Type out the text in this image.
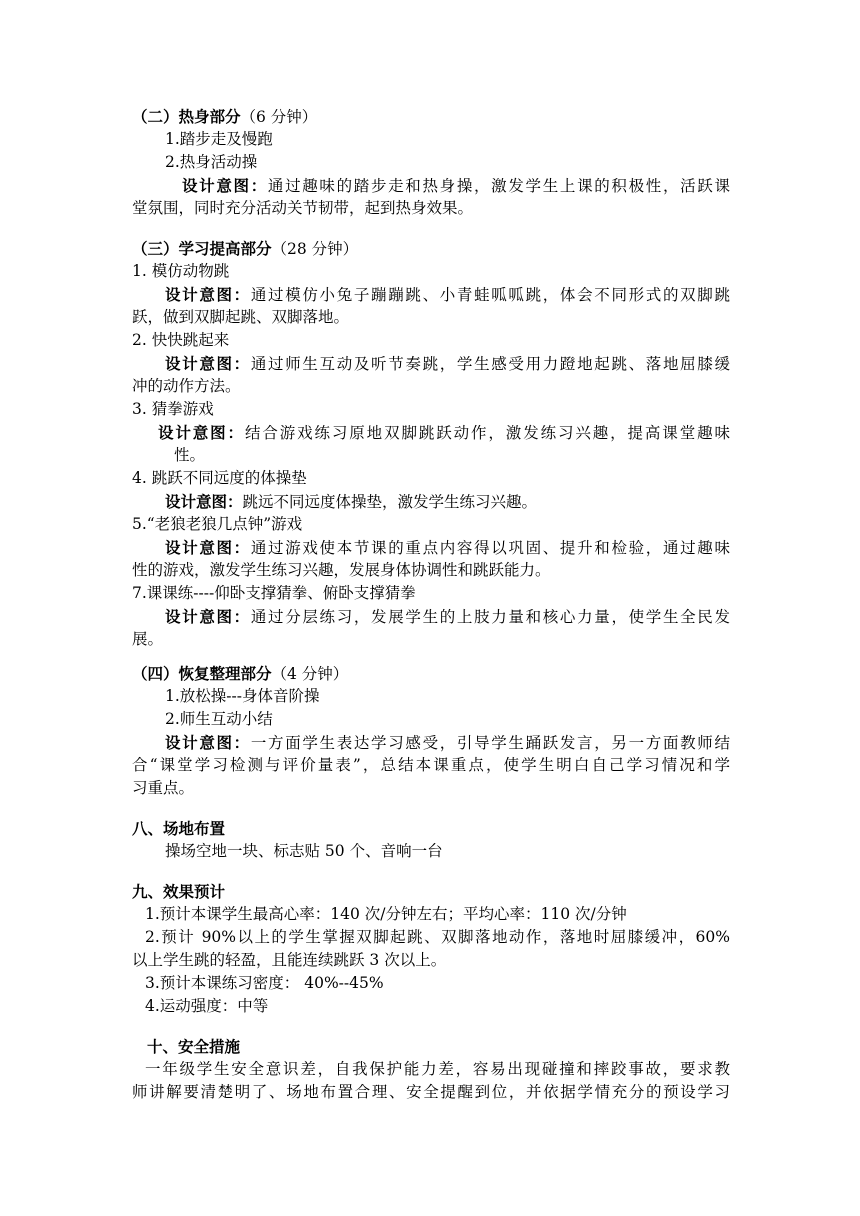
（二）热身部分（6 分钟）
1.踏步走及慢跑
2.热身活动操
设计意图：通过趣味的踏步走和热身操，激发学生上课的积极性，活跃课
堂氛围，同时充分活动关节韧带，起到热身效果。
（三）学习提高部分（28 分钟）
1. 模仿动物跳
设计意图：通过模仿小兔子蹦蹦跳、小青蛙呱呱跳，体会不同形式的双脚跳
跃，做到双脚起跳、双脚落地。
2. 快快跳起来
设计意图：通过师生互动及听节奏跳，学生感受用力蹬地起跳、落地屈膝缓
冲的动作方法。
3. 猜拳游戏
设计意图：结合游戏练习原地双脚跳跃动作，激发练习兴趣，提高课堂趣味
性。
4. 跳跃不同远度的体操垫
设计意图：跳远不同远度体操垫，激发学生练习兴趣。
5.“老狼老狼几点钟”游戏
设计意图：通过游戏使本节课的重点内容得以巩固、提升和检验，通过趣味
性的游戏，激发学生练习兴趣，发展身体协调性和跳跃能力。
7.课课练----仰卧支撑猜拳、俯卧支撑猜拳
设计意图：通过分层练习，发展学生的上肢力量和核心力量，使学生全民发
展。
（四）恢复整理部分（4 分钟）
1.放松操---身体音阶操
2.师生互动小结
设计意图：一方面学生表达学习感受，引导学生踊跃发言，另一方面教师结
合“课堂学习检测与评价量表”，总结本课重点，使学生明白自己学习情况和学
习重点。
八、场地布置
操场空地一块、标志贴 50 个、音响一台
九、效果预计
1.预计本课学生最高心率：140 次/分钟左右；平均心率：110 次/分钟
2.预计 90%以上的学生掌握双脚起跳、双脚落地动作，落地时屈膝缓冲，60%
以上学生跳的轻盈，且能连续跳跃 3 次以上。
3.预计本课练习密度： 40%--45%
4.运动强度：中等
十、安全措施
一年级学生安全意识差，自我保护能力差，容易出现碰撞和摔跤事故，要求教
师讲解要清楚明了、场地布置合理、安全提醒到位，并依据学情充分的预设学习
